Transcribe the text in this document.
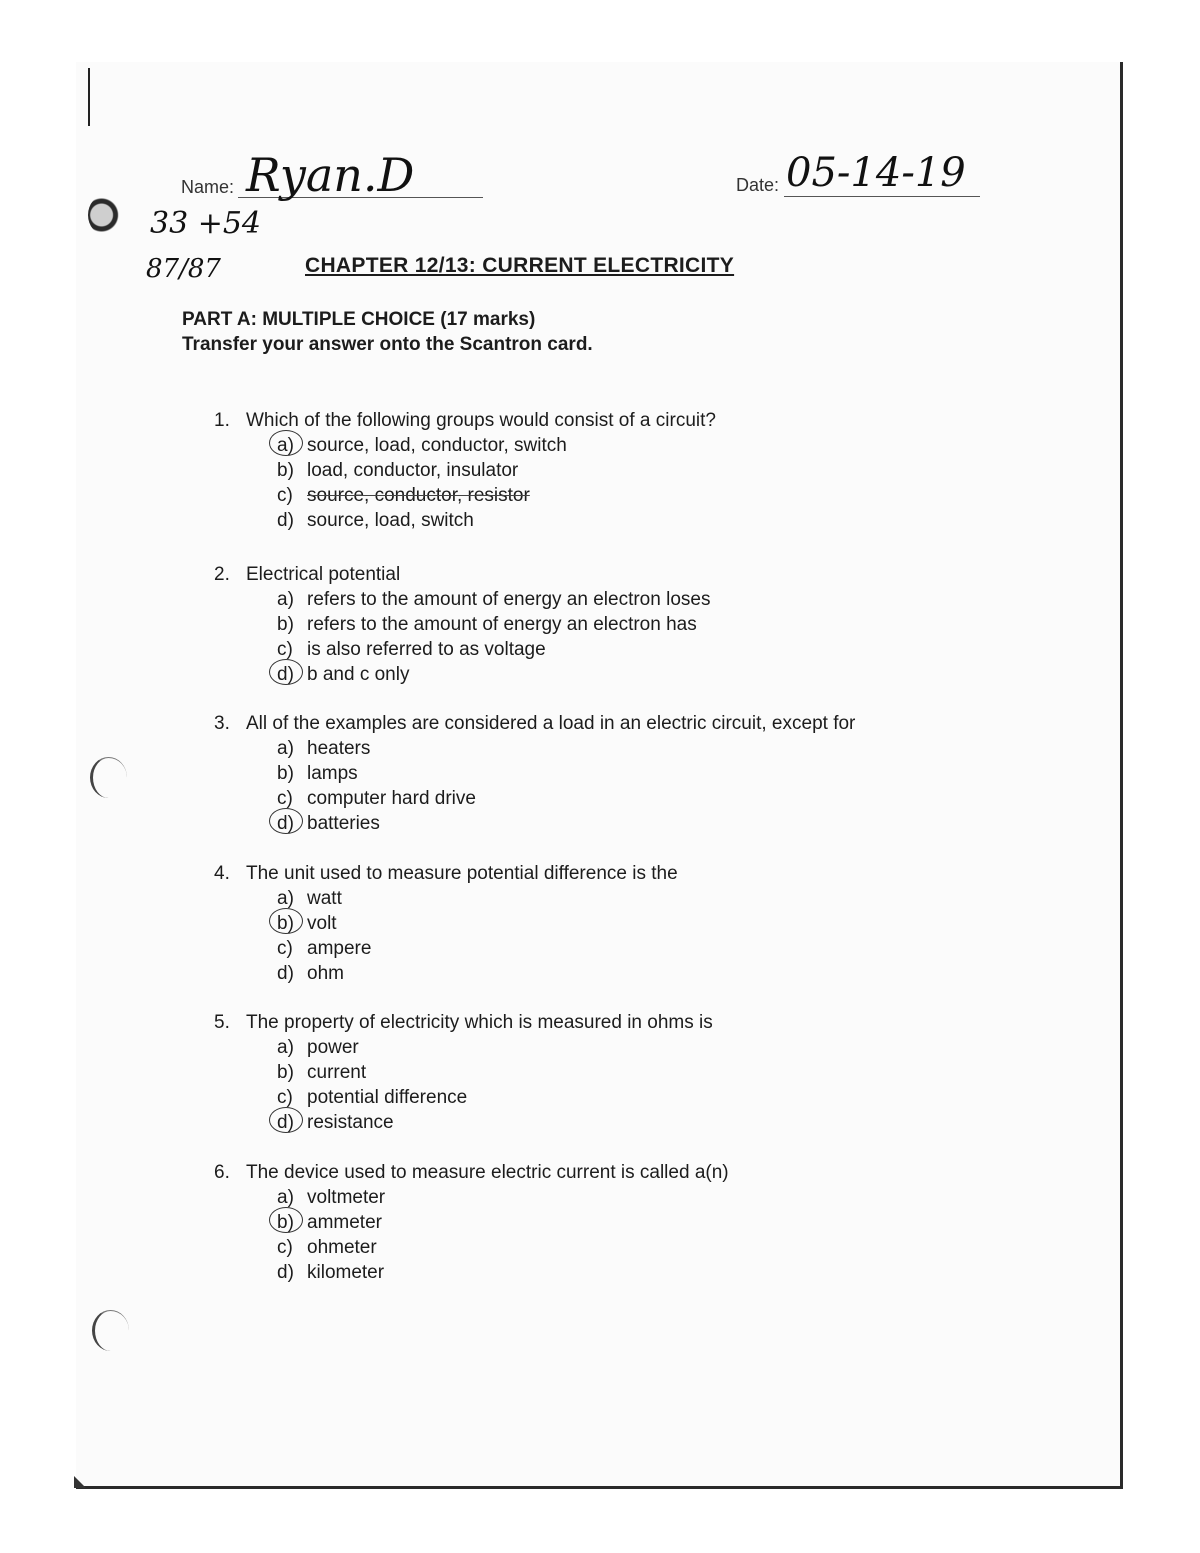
Name: Ryan.D	Date: 05-14-19
33 +54
87/87	CHAPTER 12/13: CURRENT ELECTRICITY
PART A: MULTIPLE CHOICE (17 marks)
Transfer your answer onto the Scantron card.
1. Which of the following groups would consist of a circuit?
a) source, load, conductor, switch
b) load, conductor, insulator
c) source, conductor, resistor
d) source, load, switch
2. Electrical potential
a) refers to the amount of energy an electron loses
b) refers to the amount of energy an electron has
c) is also referred to as voltage
d) b and c only
3. All of the examples are considered a load in an electric circuit, except for
a) heaters
b) lamps
c) computer hard drive
d) batteries
4. The unit used to measure potential difference is the
a) watt
b) volt
c) ampere
d) ohm
5. The property of electricity which is measured in ohms is
a) power
b) current
c) potential difference
d) resistance
6. The device used to measure electric current is called a(n)
a) voltmeter
b) ammeter
c) ohmeter
d) kilometer
